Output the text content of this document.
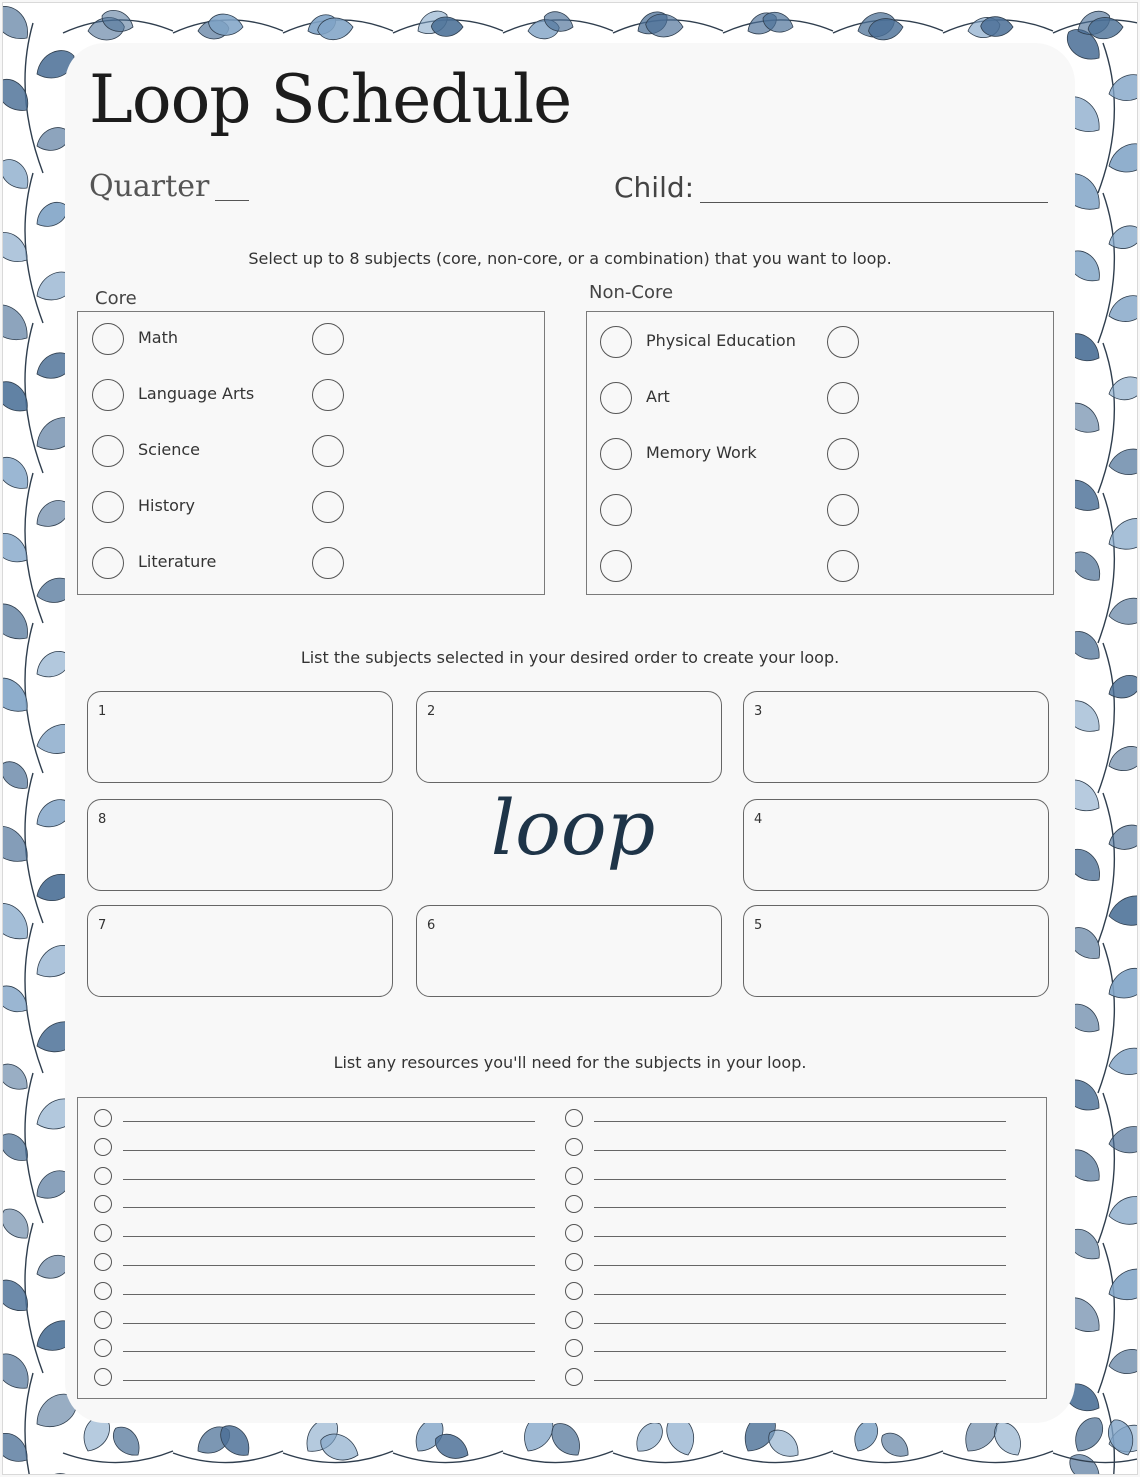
Loop Schedule
Quarter	Child:
Select up to 8 subjects (core, non-core, or a combination) that you want to loop.
Core
Math
Language Arts
Science
History
Literature
Non-Core
Physical Education
Art
Memory Work
List the subjects selected in your desired order to create your loop.
1	2	3
8	loop	4
7	6	5
List any resources you'll need for the subjects in your loop.
